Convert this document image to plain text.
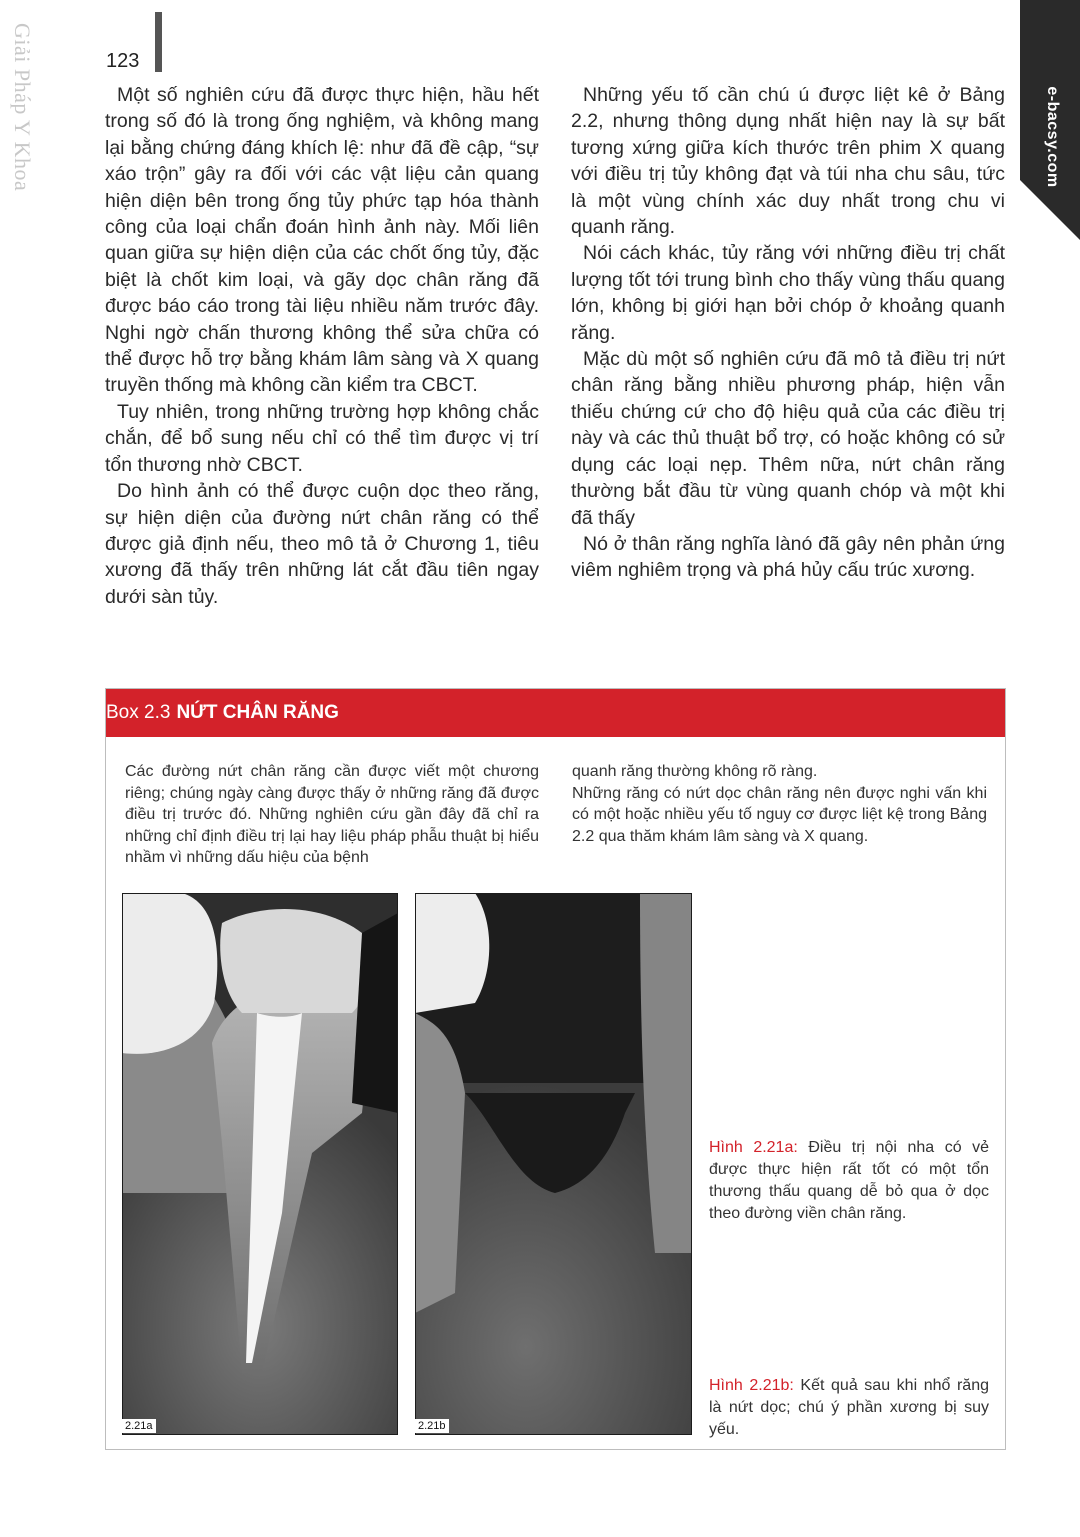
Giải Pháp Y Khoa	123
e-bacsy.com

Một số nghiên cứu đã được thực hiện, hầu hết trong số đó là trong ống nghiệm, và không mang lại bằng chứng đáng khích lệ: như đã đề cập, “sự xáo trộn” gây ra đối với các vật liệu cản quang hiện diện bên trong ống tủy phức tạp hóa thành công của loại chẩn đoán hình ảnh này. Mối liên quan giữa sự hiện diện của các chốt ống tủy, đặc biệt là chốt kim loại, và gãy dọc chân răng đã được báo cáo trong tài liệu nhiều năm trước đây. Nghi ngờ chấn thương không thể sửa chữa có thể được hỗ trợ bằng khám lâm sàng và X quang truyền thống mà không cần kiểm tra CBCT.

Tuy nhiên, trong những trường hợp không chắc chắn, để bổ sung nếu chỉ có thể tìm được vị trí tổn thương nhờ CBCT.

Do hình ảnh có thể được cuộn dọc theo răng, sự hiện diện của đường nứt chân răng có thể được giả định nếu, theo mô tả ở Chương 1, tiêu xương đã thấy trên những lát cắt đầu tiên ngay dưới sàn tủy.

Những yếu tố cần chú ú được liệt kê ở Bảng 2.2, nhưng thông dụng nhất hiện nay là sự bất tương xứng giữa kích thước trên phim X quang với điều trị tủy không đạt và túi nha chu sâu, tức là một vùng chính xác duy nhất trong chu vi quanh răng.

Nói cách khác, tủy răng với những điều trị chất lượng tốt tới trung bình cho thấy vùng thấu quang lớn, không bị giới hạn bởi chóp ở khoảng quanh răng.

Mặc dù một số nghiên cứu đã mô tả điều trị nứt chân răng bằng nhiều phương pháp, hiện vẫn thiếu chứng cứ cho độ hiệu quả của các điều trị này và các thủ thuật bổ trợ, có hoặc không có sử dụng các loại nẹp. Thêm nữa, nứt chân răng thường bắt đầu từ vùng quanh chóp và một khi đã thấy

Nó ở thân răng nghĩa lànó đã gây nên phản ứng viêm nghiêm trọng và phá hủy cấu trúc xương.

Box 2.3 NỨT CHÂN RĂNG

Các đường nứt chân răng cần được viết một chương riêng; chúng ngày càng được thấy ở những răng đã được điều trị trước đó. Những nghiên cứu gần đây đã chỉ ra những chỉ định điều trị lại hay liệu pháp phẫu thuật bị hiểu nhầm vì những dấu hiệu của bệnh

quanh răng thường không rõ ràng.

Những răng có nứt dọc chân răng nên được nghi vấn khi có một hoặc nhiều yếu tố nguy cơ được liệt kệ trong Bảng 2.2 qua thăm khám lâm sàng và X quang.

2.21a	2.21b
Hình 2.21a: Điều trị nội nha có vẻ được thực hiện rất tốt có một tổn thương thấu quang dễ bỏ qua ở dọc theo đường viền chân răng.
Hình 2.21b: Kết quả sau khi nhổ răng là nứt dọc; chú ý phần xương bị suy yếu.
